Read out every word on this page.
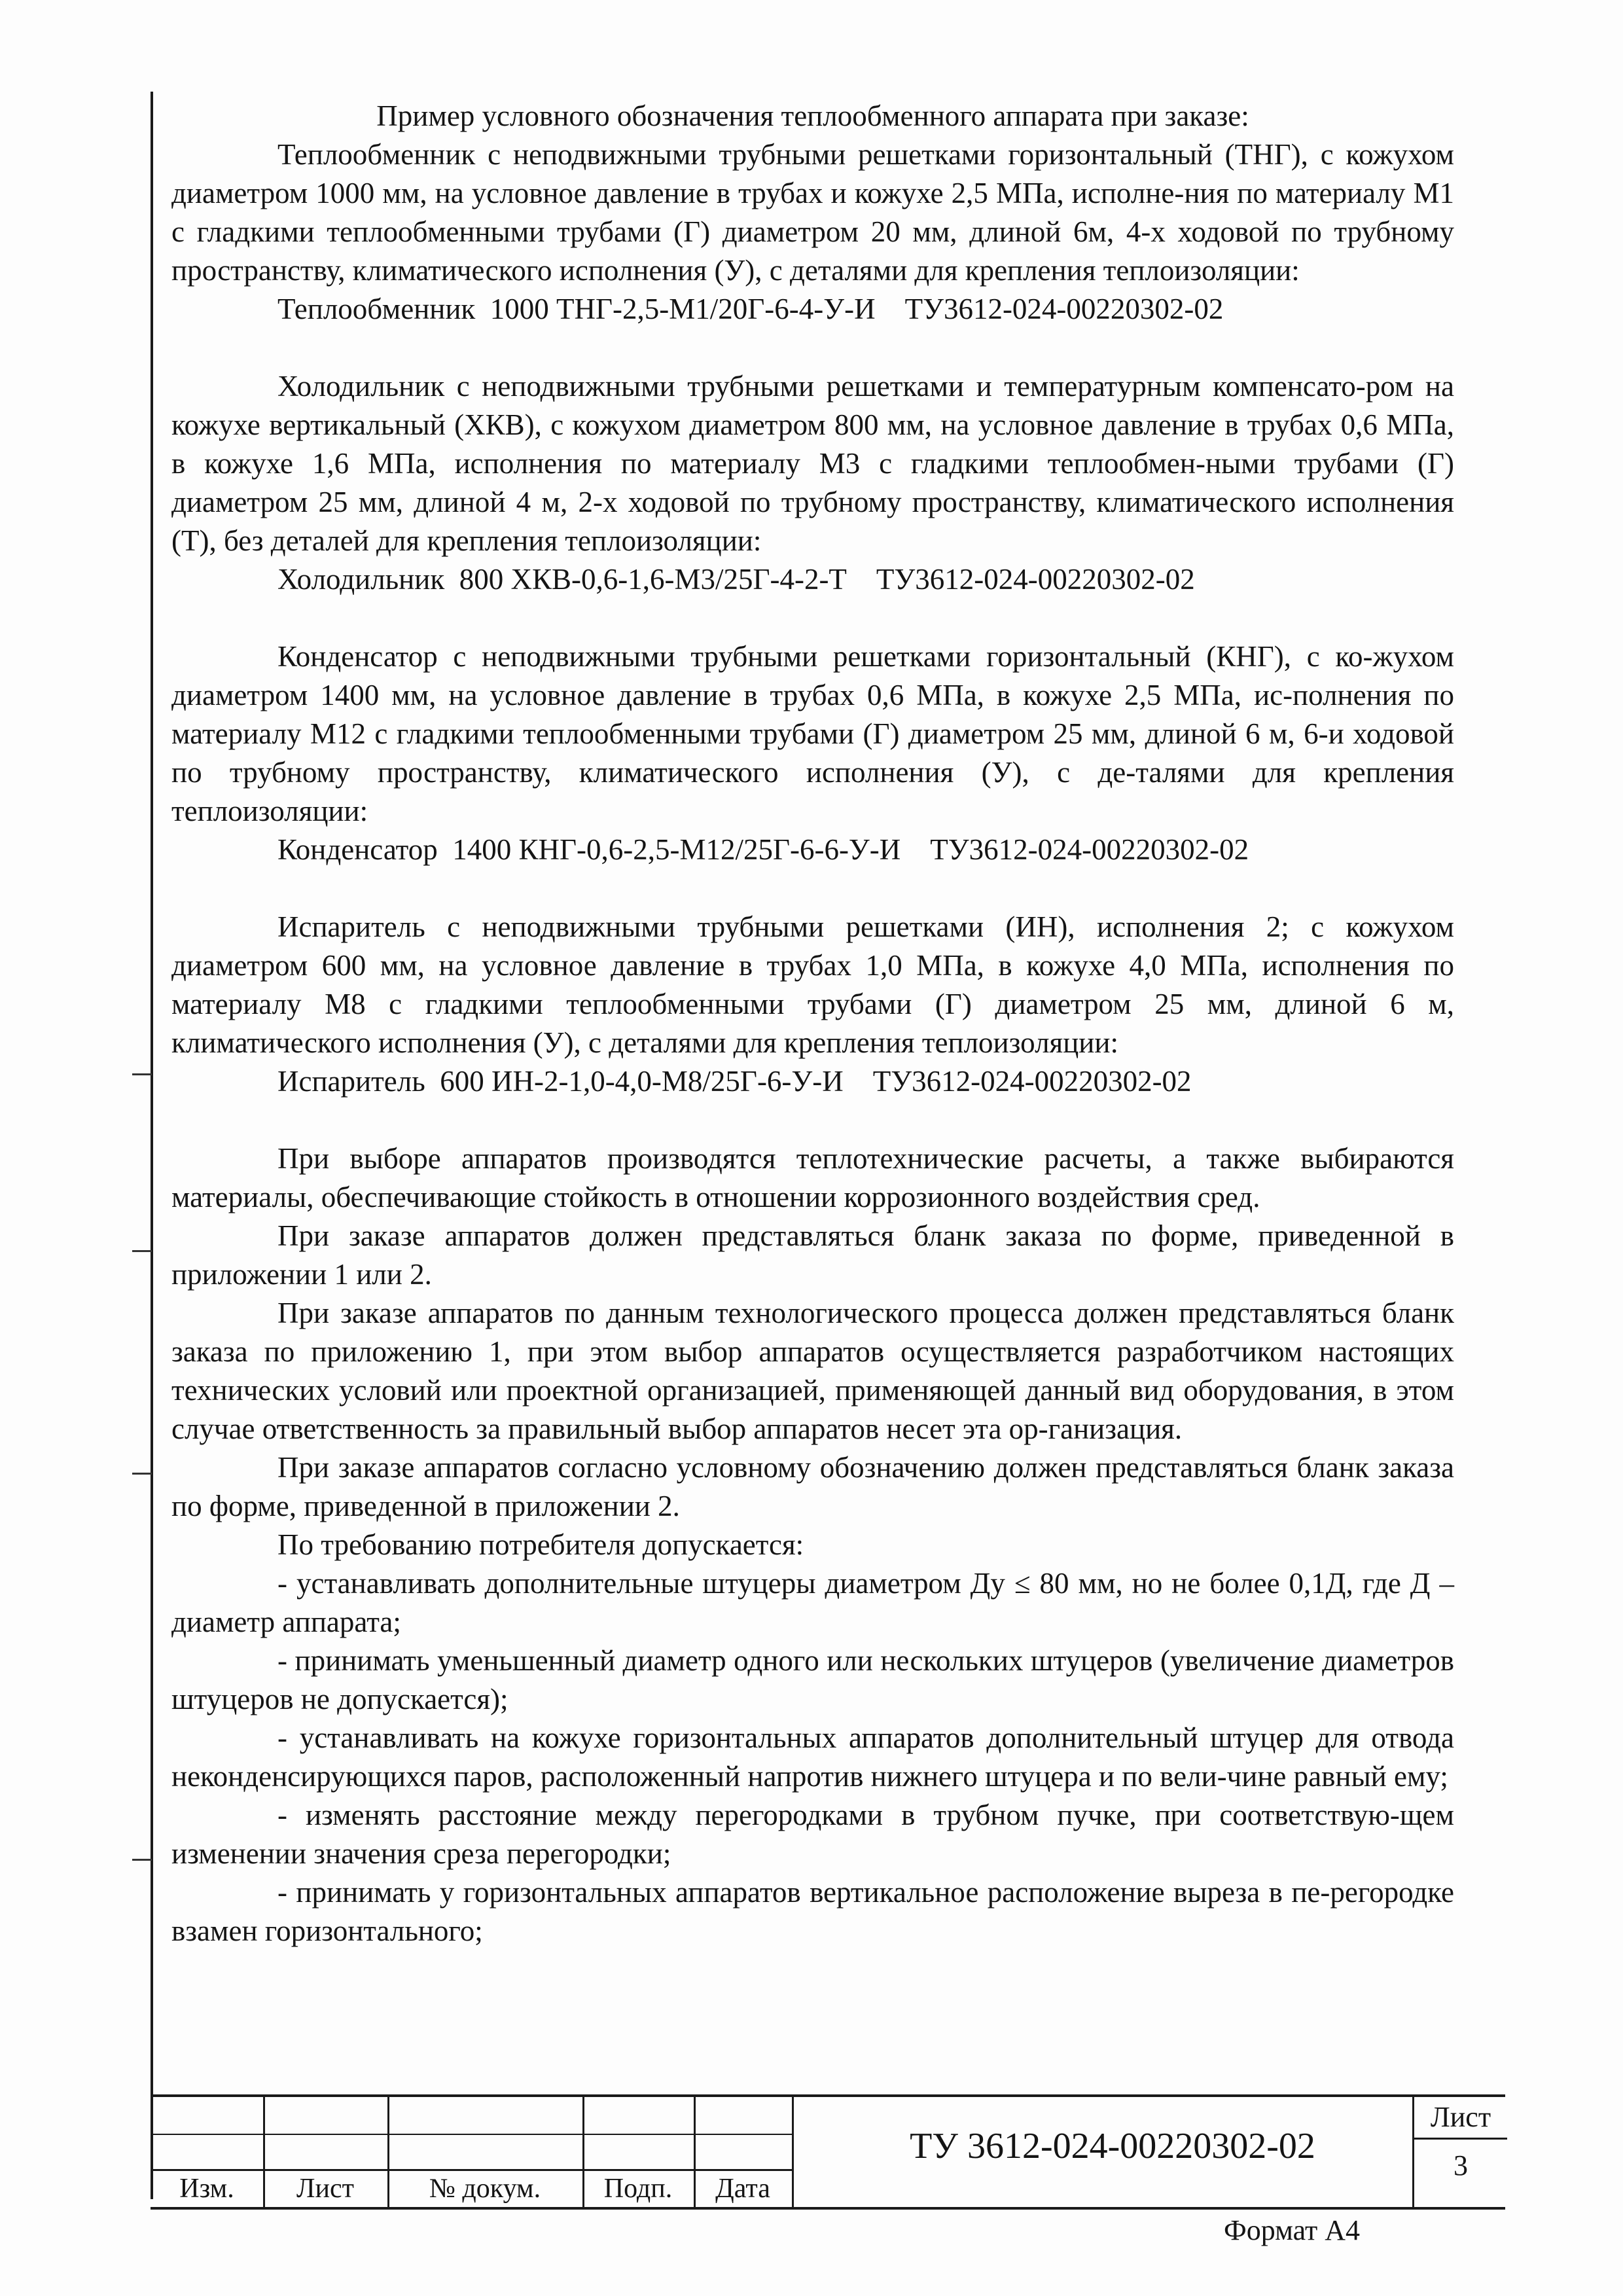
Пример условного обозначения теплообменного аппарата при заказе:

Теплообменник с неподвижными трубными решетками горизонтальный (ТНГ), с кожухом диаметром 1000 мм, на условное давление в трубах и кожухе 2,5 МПа, исполне-ния по материалу М1 с гладкими теплообменными трубами (Г) диаметром 20 мм, длиной 6м, 4-х ходовой по трубному пространству, климатического исполнения (У), с деталями для крепления теплоизоляции:

Теплообменник  1000 ТНГ-2,5-М1/20Г-6-4-У-И    ТУ3612-024-00220302-02

Холодильник с неподвижными трубными решетками и температурным компенсато-ром на кожухе вертикальный (ХКВ), с кожухом диаметром 800 мм, на условное давление в трубах 0,6 МПа, в кожухе 1,6 МПа, исполнения по материалу М3 с гладкими теплообмен-ными трубами (Г) диаметром 25 мм, длиной 4 м, 2-х ходовой по трубному пространству, климатического исполнения (Т), без деталей для крепления теплоизоляции:

Холодильник  800 ХКВ-0,6-1,6-М3/25Г-4-2-Т    ТУ3612-024-00220302-02

Конденсатор с неподвижными трубными решетками горизонтальный (КНГ), с ко-жухом диаметром 1400 мм, на условное давление в трубах 0,6 МПа, в кожухе 2,5 МПа, ис-полнения по материалу М12 с гладкими теплообменными трубами (Г) диаметром 25 мм, длиной 6 м, 6-и ходовой по трубному пространству, климатического исполнения (У), с де-талями для крепления теплоизоляции:

Конденсатор  1400 КНГ-0,6-2,5-М12/25Г-6-6-У-И    ТУ3612-024-00220302-02

Испаритель с неподвижными трубными решетками (ИН), исполнения 2; с кожухом диаметром 600 мм, на условное давление в трубах 1,0 МПа, в кожухе 4,0 МПа, исполнения по материалу М8 с гладкими теплообменными трубами (Г) диаметром 25 мм, длиной 6 м, климатического исполнения (У), с деталями для крепления теплоизоляции:

Испаритель  600 ИН-2-1,0-4,0-М8/25Г-6-У-И    ТУ3612-024-00220302-02

При выборе аппаратов производятся теплотехнические расчеты, а также выбираются материалы, обеспечивающие стойкость в отношении коррозионного воздействия сред.

При заказе аппаратов должен представляться бланк заказа по форме, приведенной в приложении 1 или 2.

При заказе аппаратов по данным технологического процесса должен представляться бланк заказа по приложению 1, при этом выбор аппаратов осуществляется разработчиком настоящих технических условий или проектной организацией, применяющей данный вид оборудования, в этом случае ответственность за правильный выбор аппаратов несет эта ор-ганизация.

При заказе аппаратов согласно условному обозначению должен представляться бланк заказа по форме, приведенной в приложении 2.

По требованию потребителя допускается:

- устанавливать дополнительные штуцеры диаметром Ду ≤ 80 мм, но не более 0,1Д, где Д – диаметр аппарата;

- принимать уменьшенный диаметр одного или нескольких штуцеров (увеличение диаметров штуцеров не допускается);

- устанавливать на кожухе горизонтальных аппаратов дополнительный штуцер для отвода неконденсирующихся паров, расположенный напротив нижнего штуцера и по вели-чине равный ему;

- изменять расстояние между перегородками в трубном пучке, при соответствую-щем изменении значения среза перегородки;

- принимать у горизонтальных аппаратов вертикальное расположение выреза в пе-регородке взамен горизонтального;

Изм.	Лист	№ докум.	Подп.	Дата
ТУ 3612-024-00220302-02
Лист
3
Формат А4
